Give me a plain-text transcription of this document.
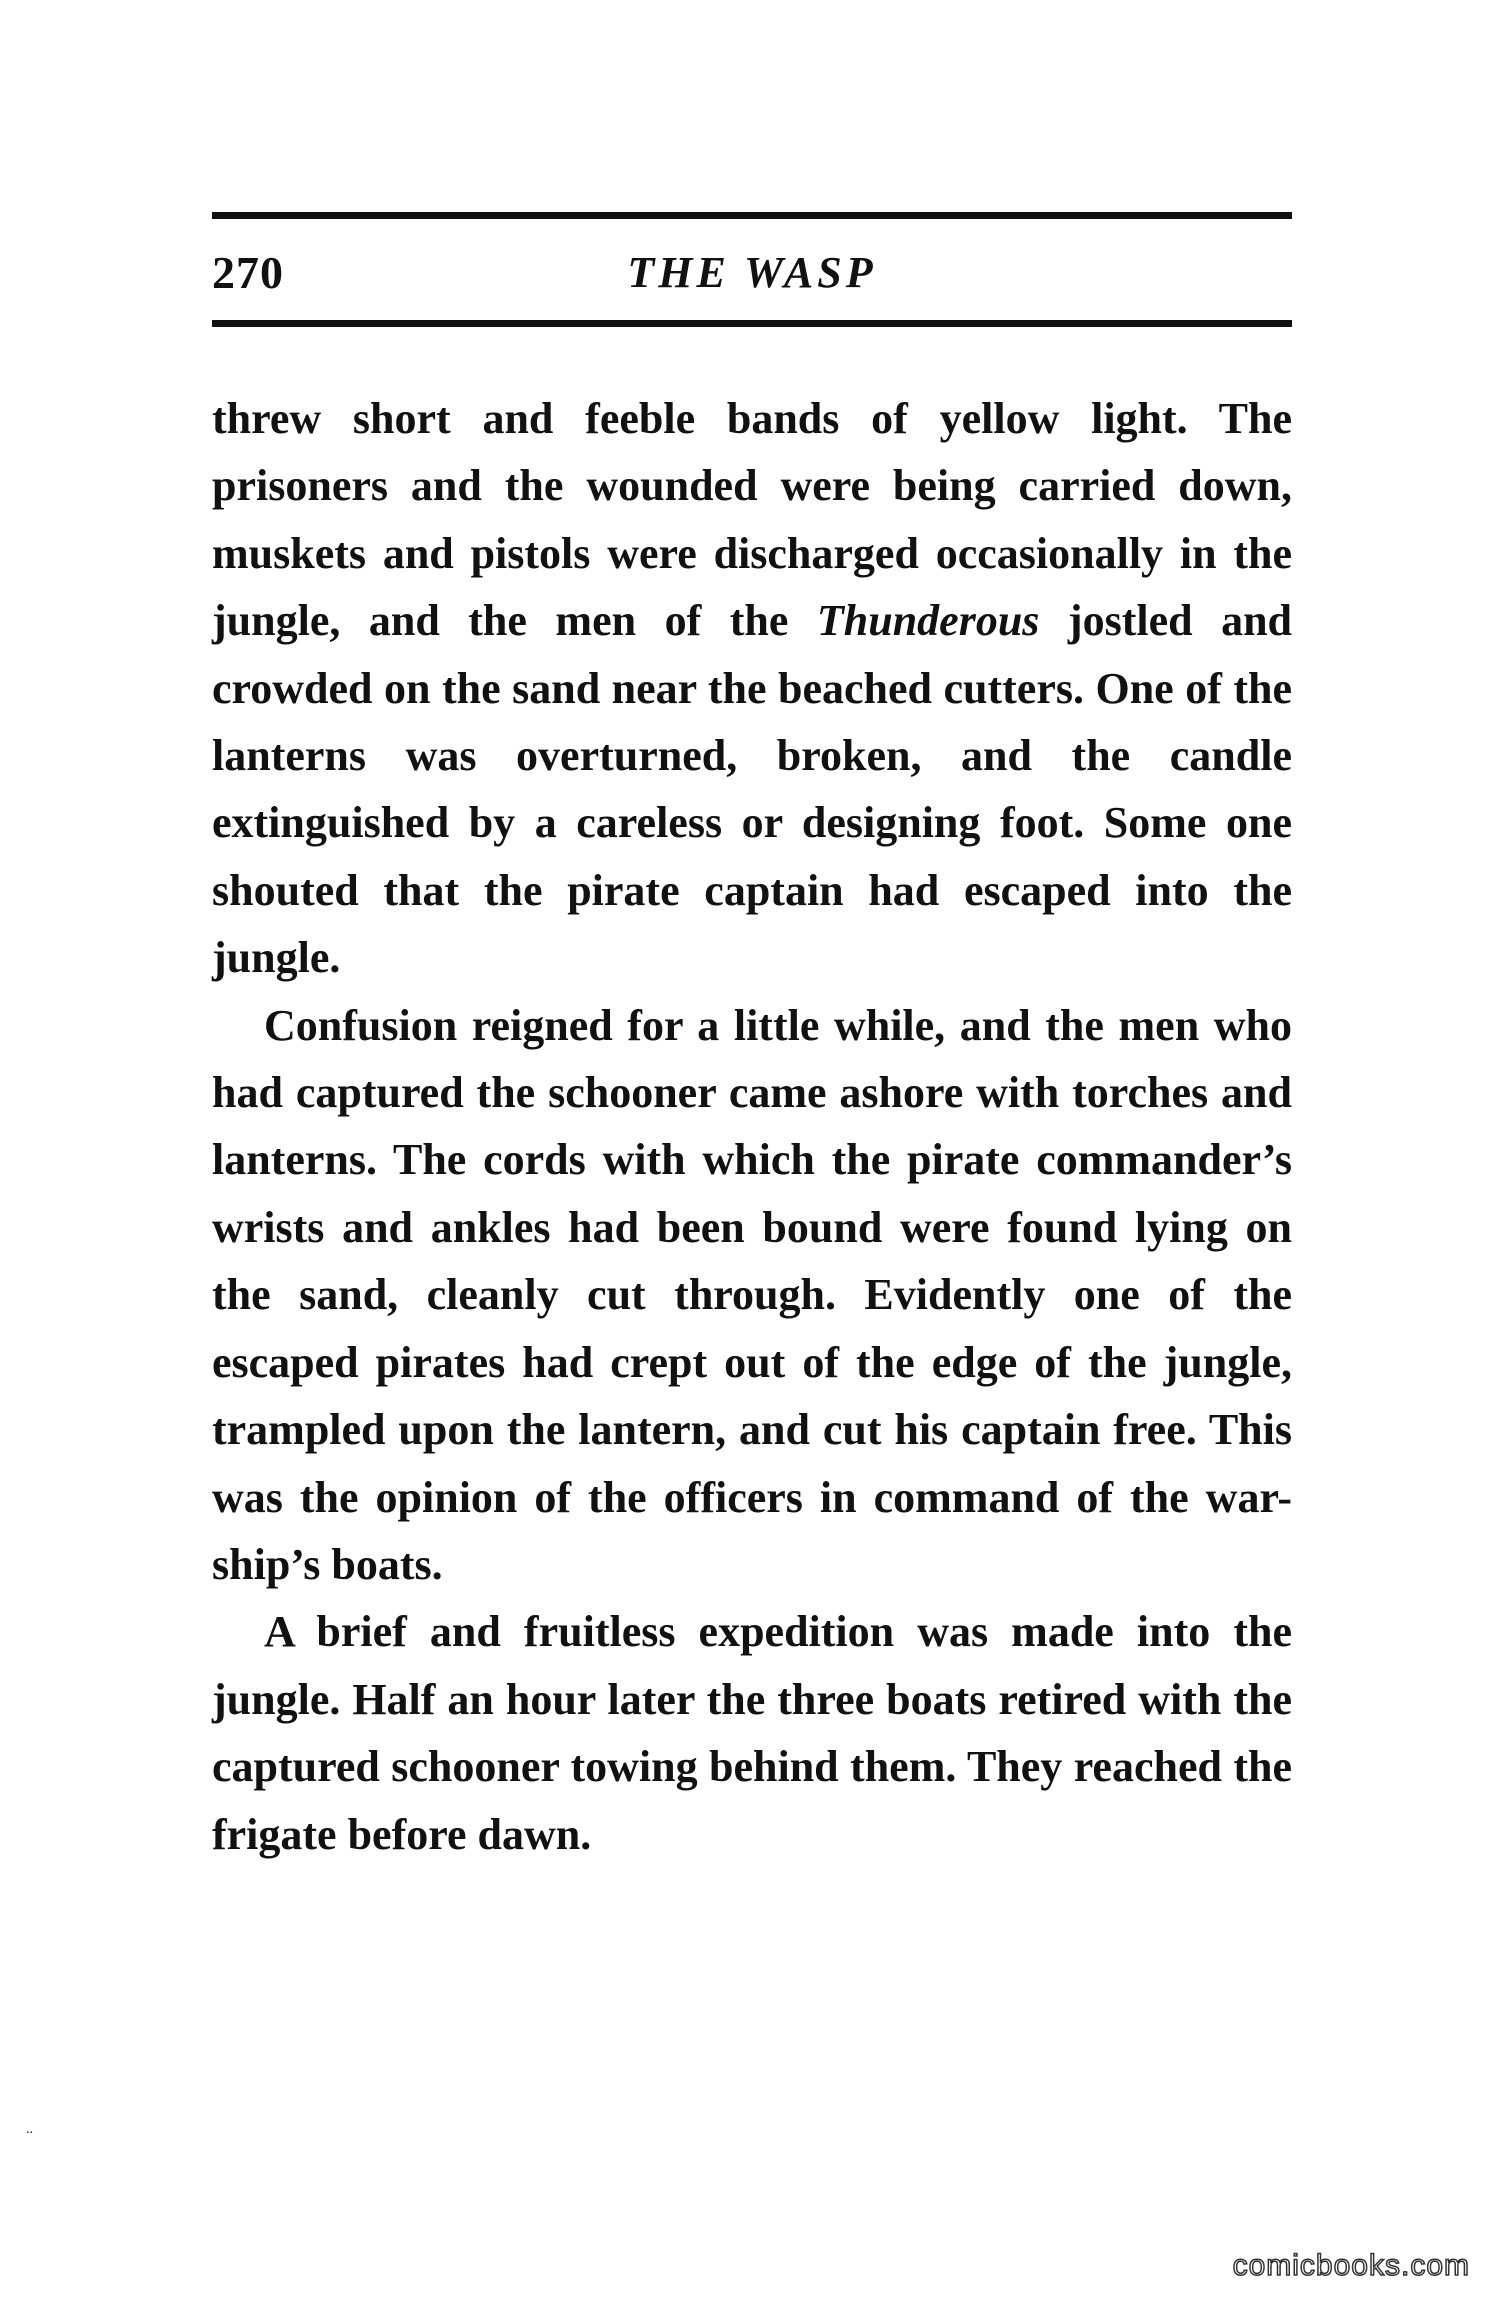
270	THE WASP

threw short and feeble bands of yellow light. The prisoners and the wounded were being carried down, muskets and pistols were discharged occasionally in the jungle, and the men of the Thunderous jostled and crowded on the sand near the beached cutters. One of the lanterns was overturned, broken, and the candle extinguished by a careless or designing foot. Some one shouted that the pirate captain had escaped into the jungle.

Confusion reigned for a little while, and the men who had captured the schooner came ashore with torches and lanterns. The cords with which the pirate commander’s wrists and ankles had been bound were found lying on the sand, cleanly cut through. Evidently one of the escaped pirates had crept out of the edge of the jungle, trampled upon the lantern, and cut his captain free. This was the opinion of the officers in command of the war-ship’s boats.

A brief and fruitless expedition was made into the jungle. Half an hour later the three boats retired with the captured schooner towing behind them. They reached the frigate before dawn.

..
comicbooks.com
